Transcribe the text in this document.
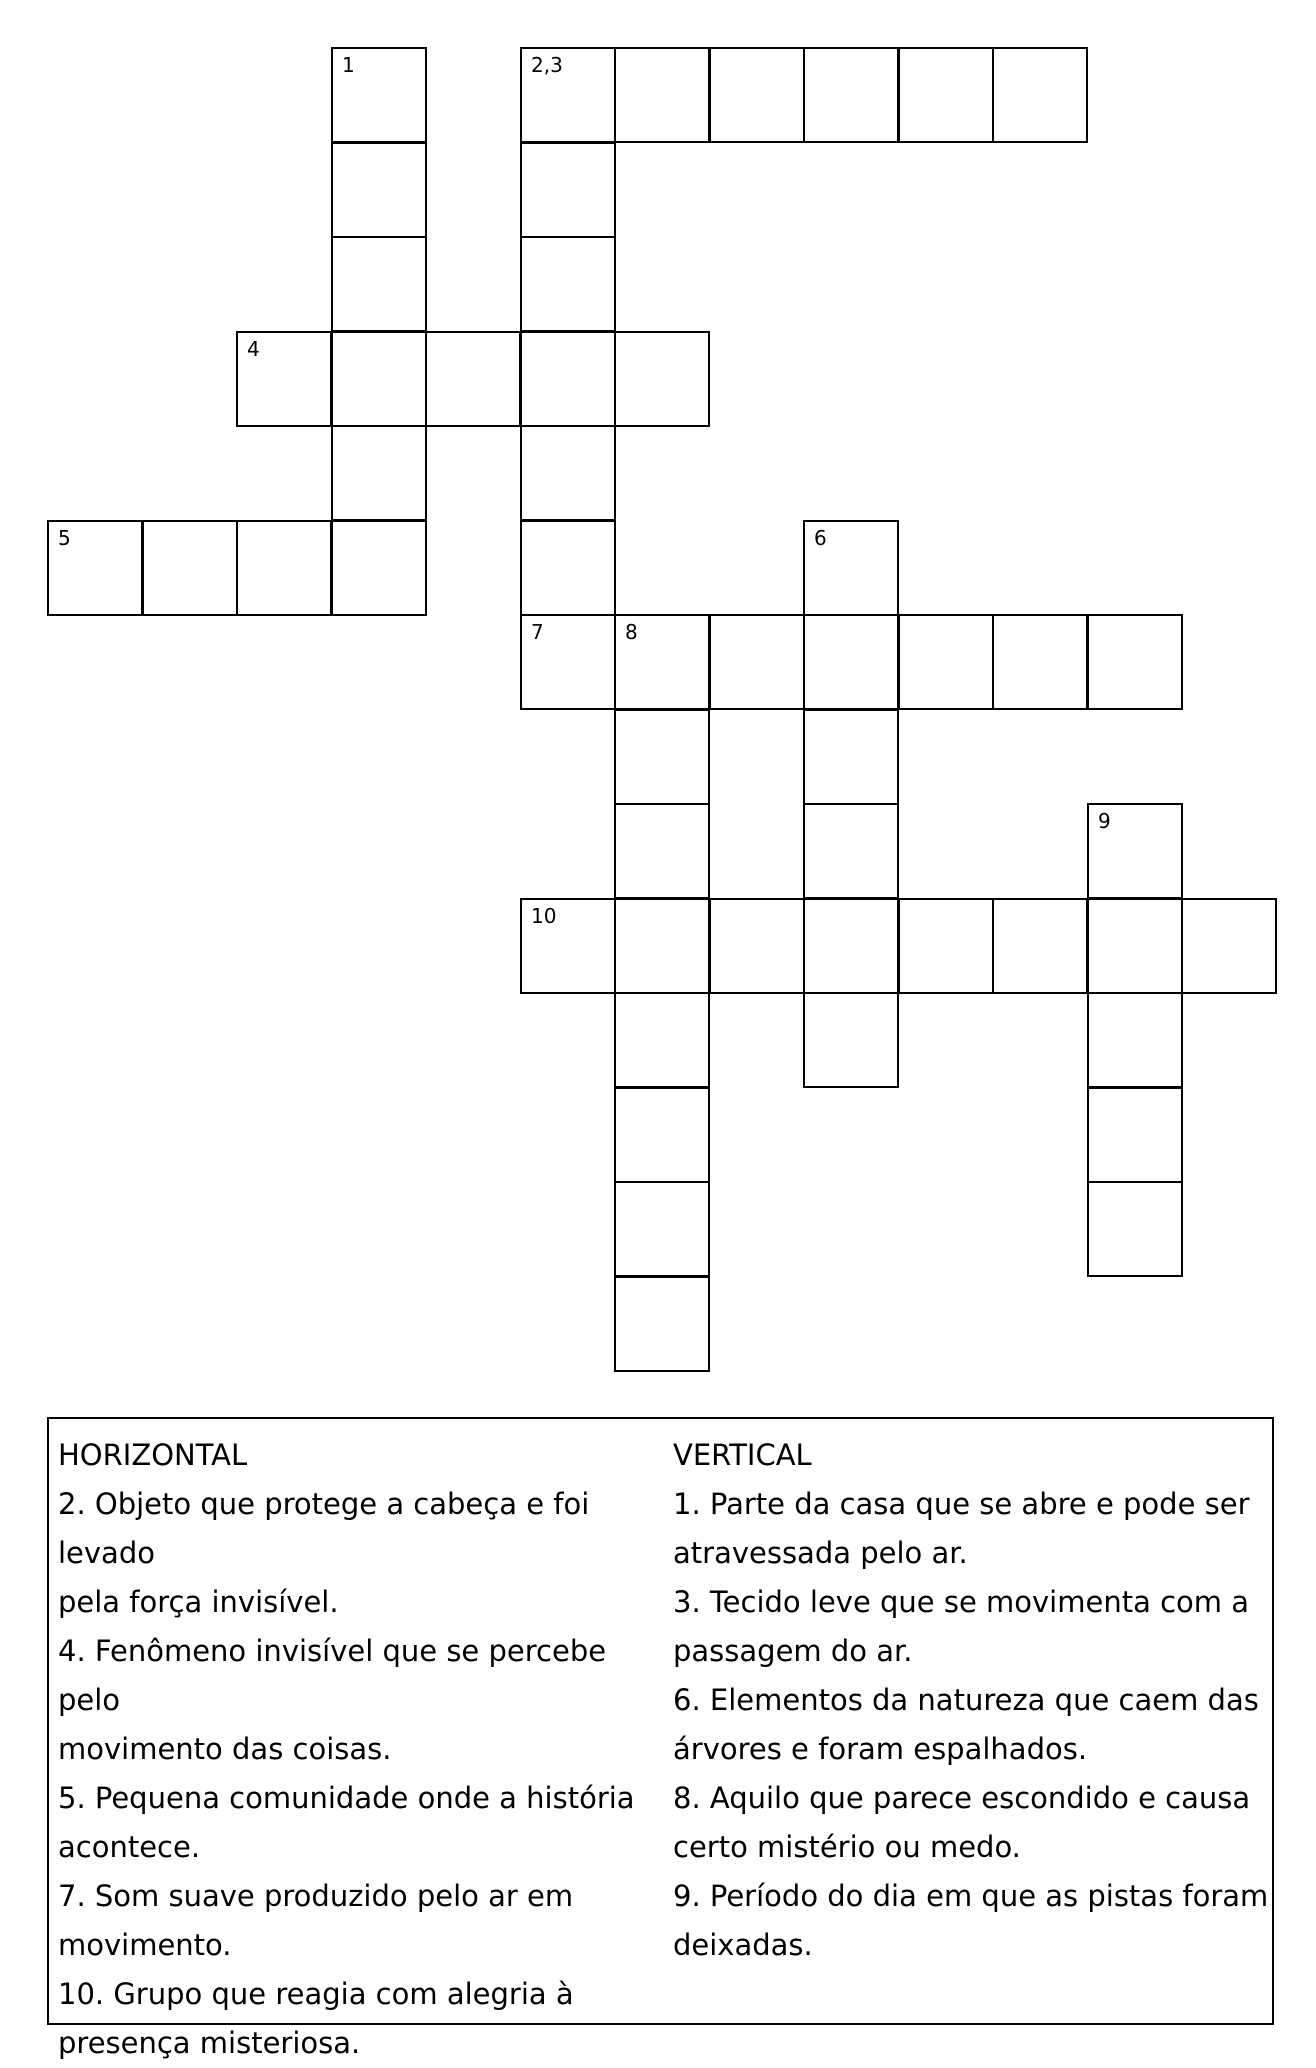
1	2,3
4
5	6
7	8
9
10
HORIZONTAL
2. Objeto que protege a cabeça e foi levado
pela força invisível.
4. Fenômeno invisível que se percebe pelo
movimento das coisas.
5. Pequena comunidade onde a história
acontece.
7. Som suave produzido pelo ar em
movimento.
10. Grupo que reagia com alegria à
presença misteriosa.
VERTICAL
1. Parte da casa que se abre e pode ser
atravessada pelo ar.
3. Tecido leve que se movimenta com a
passagem do ar.
6. Elementos da natureza que caem das
árvores e foram espalhados.
8. Aquilo que parece escondido e causa
certo mistério ou medo.
9. Período do dia em que as pistas foram
deixadas.
